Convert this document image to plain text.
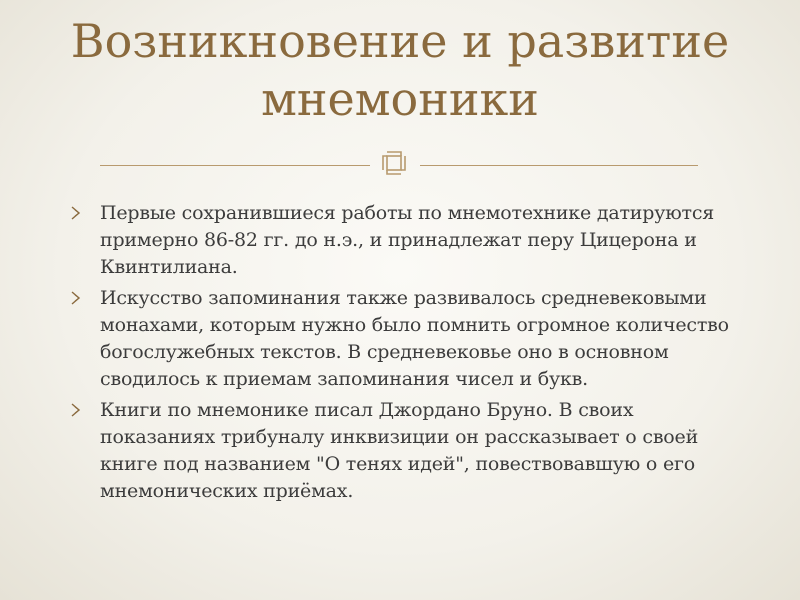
Возникновение и развитие мнемоники
Первые сохранившиеся работы по мнемотехнике датируются примерно 86-82 гг. до н.э., и принадлежат перу Цицерона и Квинтилиана.
Искусство запоминания также развивалось средневековыми монахами, которым нужно было помнить огромное количество богослужебных текстов. В средневековье оно в основном сводилось к приемам запоминания чисел и букв.
Книги по мнемонике писал Джордано Бруно. В своих показаниях трибуналу инквизиции он рассказывает о своей книге под названием "О тенях идей", повествовавшую о его мнемонических приёмах.
